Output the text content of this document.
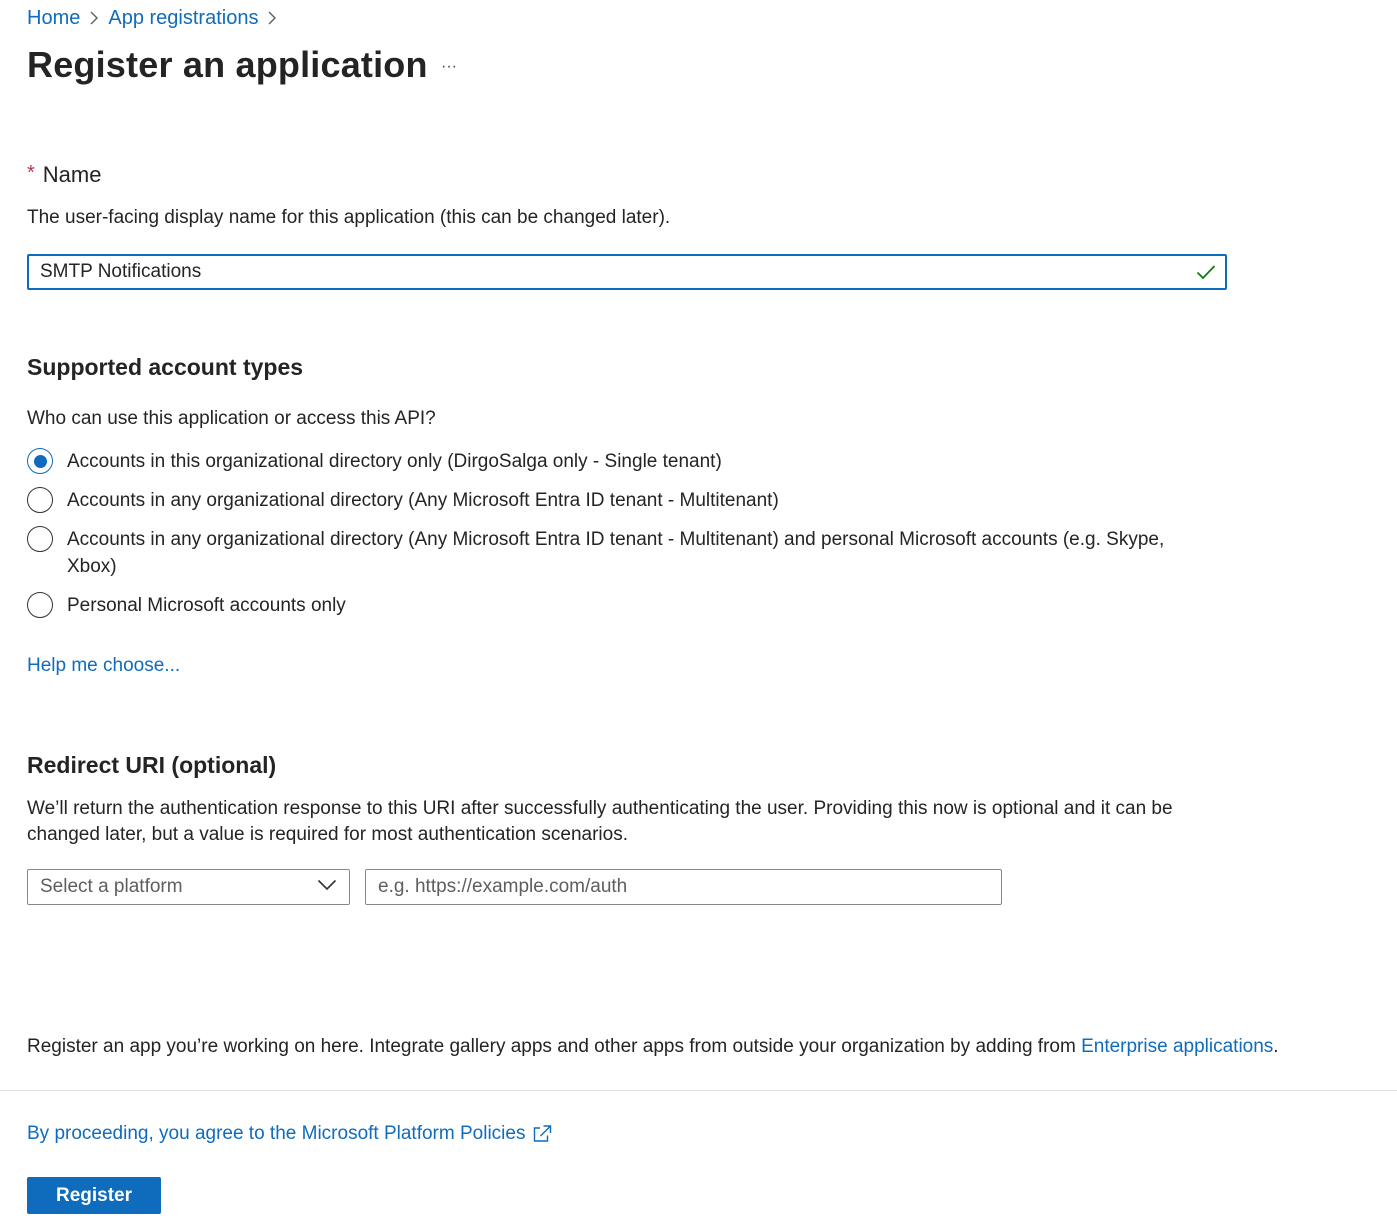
Home App registrations
Register an application ···
* Name
The user-facing display name for this application (this can be changed later).
SMTP Notifications
Supported account types
Who can use this application or access this API?
Accounts in this organizational directory only (DirgoSalga only - Single tenant)
Accounts in any organizational directory (Any Microsoft Entra ID tenant - Multitenant)
Accounts in any organizational directory (Any Microsoft Entra ID tenant - Multitenant) and personal Microsoft accounts (e.g. Skype, Xbox)
Personal Microsoft accounts only
Help me choose...
Redirect URI (optional)
We’ll return the authentication response to this URI after successfully authenticating the user. Providing this now is optional and it can be changed later, but a value is required for most authentication scenarios.
Select a platform
e.g. https://example.com/auth
Register an app you’re working on here. Integrate gallery apps and other apps from outside your organization by adding from Enterprise applications.
By proceeding, you agree to the Microsoft Platform Policies
Register
